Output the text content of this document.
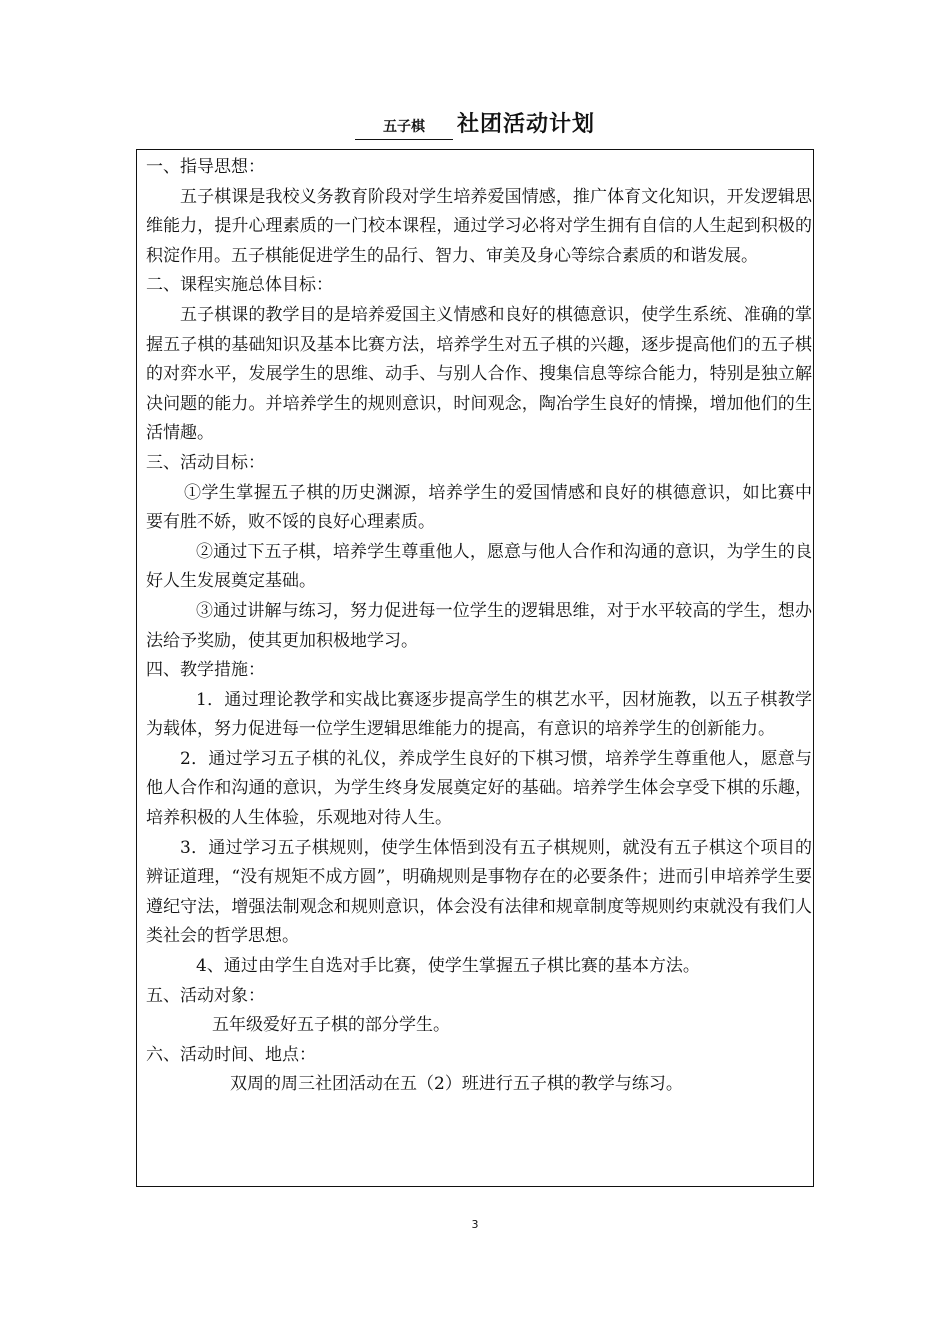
五子棋	社团活动计划

一、指导思想：

五子棋课是我校义务教育阶段对学生培养爱国情感，推广体育文化知识，开发逻辑思维能力，提升心理素质的一门校本课程，通过学习必将对学生拥有自信的人生起到积极的积淀作用。五子棋能促进学生的品行、智力、审美及身心等综合素质的和谐发展。

二、课程实施总体目标：

五子棋课的教学目的是培养爱国主义情感和良好的棋德意识，使学生系统、准确的掌握五子棋的基础知识及基本比赛方法，培养学生对五子棋的兴趣，逐步提高他们的五子棋的对弈水平，发展学生的思维、动手、与别人合作、搜集信息等综合能力，特别是独立解决问题的能力。并培养学生的规则意识，时间观念，陶冶学生良好的情操，增加他们的生活情趣。

三、活动目标：

①学生掌握五子棋的历史渊源，培养学生的爱国情感和良好的棋德意识，如比赛中要有胜不娇，败不馁的良好心理素质。

②通过下五子棋，培养学生尊重他人，愿意与他人合作和沟通的意识，为学生的良好人生发展奠定基础。

③通过讲解与练习，努力促进每一位学生的逻辑思维，对于水平较高的学生，想办法给予奖励，使其更加积极地学习。

四、教学措施：

1．通过理论教学和实战比赛逐步提高学生的棋艺水平，因材施教，以五子棋教学为载体，努力促进每一位学生逻辑思维能力的提高，有意识的培养学生的创新能力。

2．通过学习五子棋的礼仪，养成学生良好的下棋习惯，培养学生尊重他人，愿意与他人合作和沟通的意识，为学生终身发展奠定好的基础。培养学生体会享受下棋的乐趣，培养积极的人生体验，乐观地对待人生。

3．通过学习五子棋规则，使学生体悟到没有五子棋规则，就没有五子棋这个项目的辨证道理，“没有规矩不成方圆”，明确规则是事物存在的必要条件；进而引申培养学生要遵纪守法，增强法制观念和规则意识，体会没有法律和规章制度等规则约束就没有我们人类社会的哲学思想。

4、通过由学生自选对手比赛，使学生掌握五子棋比赛的基本方法。

五、活动对象：

五年级爱好五子棋的部分学生。

六、活动时间、地点：

双周的周三社团活动在五（2）班进行五子棋的教学与练习。

3
